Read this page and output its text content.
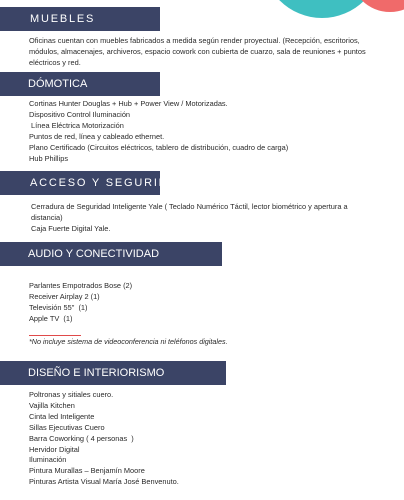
MUEBLES

Oficinas cuentan con muebles fabricados a medida según render proyectual. (Recepción, escritorios, módulos, almacenajes, archiveros, espacio cowork con cubierta de cuarzo, sala de reuniones + puntos eléctricos y red.

DÓMOTICA
Cortinas Hunter Douglas + Hub + Power View / Motorizadas.
Dispositivo Control Iluminación
Línea Eléctrica Motorización
Puntos de red, línea y cableado ethernet.
Plano Certificado (Circuitos eléctricos, tablero de distribución, cuadro de carga)
Hub Phillips
ACCESO Y SEGURIDAD
Cerradura de Seguridad Inteligente Yale ( Teclado Numérico Táctil, lector biométrico y apertura a
distancia)
Caja Fuerte Digital Yale.
AUDIO Y CONECTIVIDAD
Parlantes Empotrados Bose (2)
Receiver Airplay 2 (1)
Televisión 55"  (1)
Apple TV  (1)
*No incluye sistema de videoconferencia ni teléfonos digitales.
DISEÑO E INTERIORISMO
Poltronas y sitiales cuero.
Vajilla Kitchen
Cinta led Inteligente
Sillas Ejecutivas Cuero
Barra Coworking ( 4 personas  )
Hervidor Digital
Iluminación
Pintura Murallas – Benjamín Moore
Pinturas Artista Visual María José Benvenuto.
